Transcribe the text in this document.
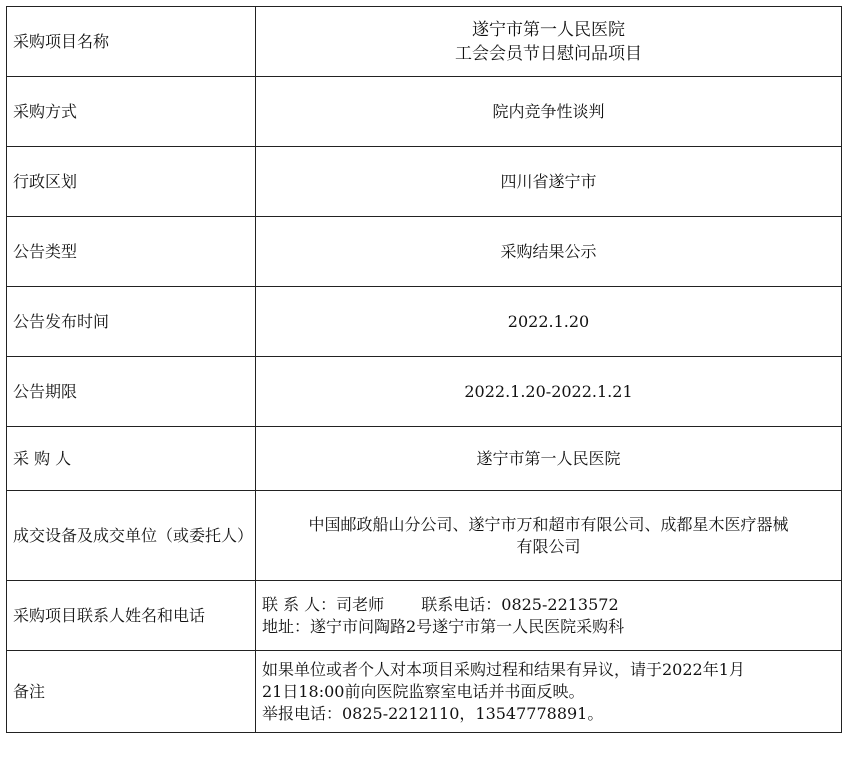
采购项目名称	遂宁市第一人民医院
工会会员节日慰问品项目

采购方式	院内竞争性谈判
行政区划	四川省遂宁市
公告类型	采购结果公示
公告发布时间	2022.1.20
公告期限	2022.1.20-2022.1.21
采 购 人	遂宁市第一人民医院
成交设备及成交单位（或委托人）	中国邮政船山分公司、遂宁市万和超市有限公司、成都星木医疗器械
有限公司

采购项目联系人姓名和电话	联 系 人：司老师　　 联系电话：0825-2213572
地址：遂宁市问陶路2号遂宁市第一人民医院采购科

备注	如果单位或者个人对本项目采购过程和结果有异议，请于2022年1月
21日18:00前向医院监察室电话并书面反映。
举报电话：0825-2212110，13547778891。
